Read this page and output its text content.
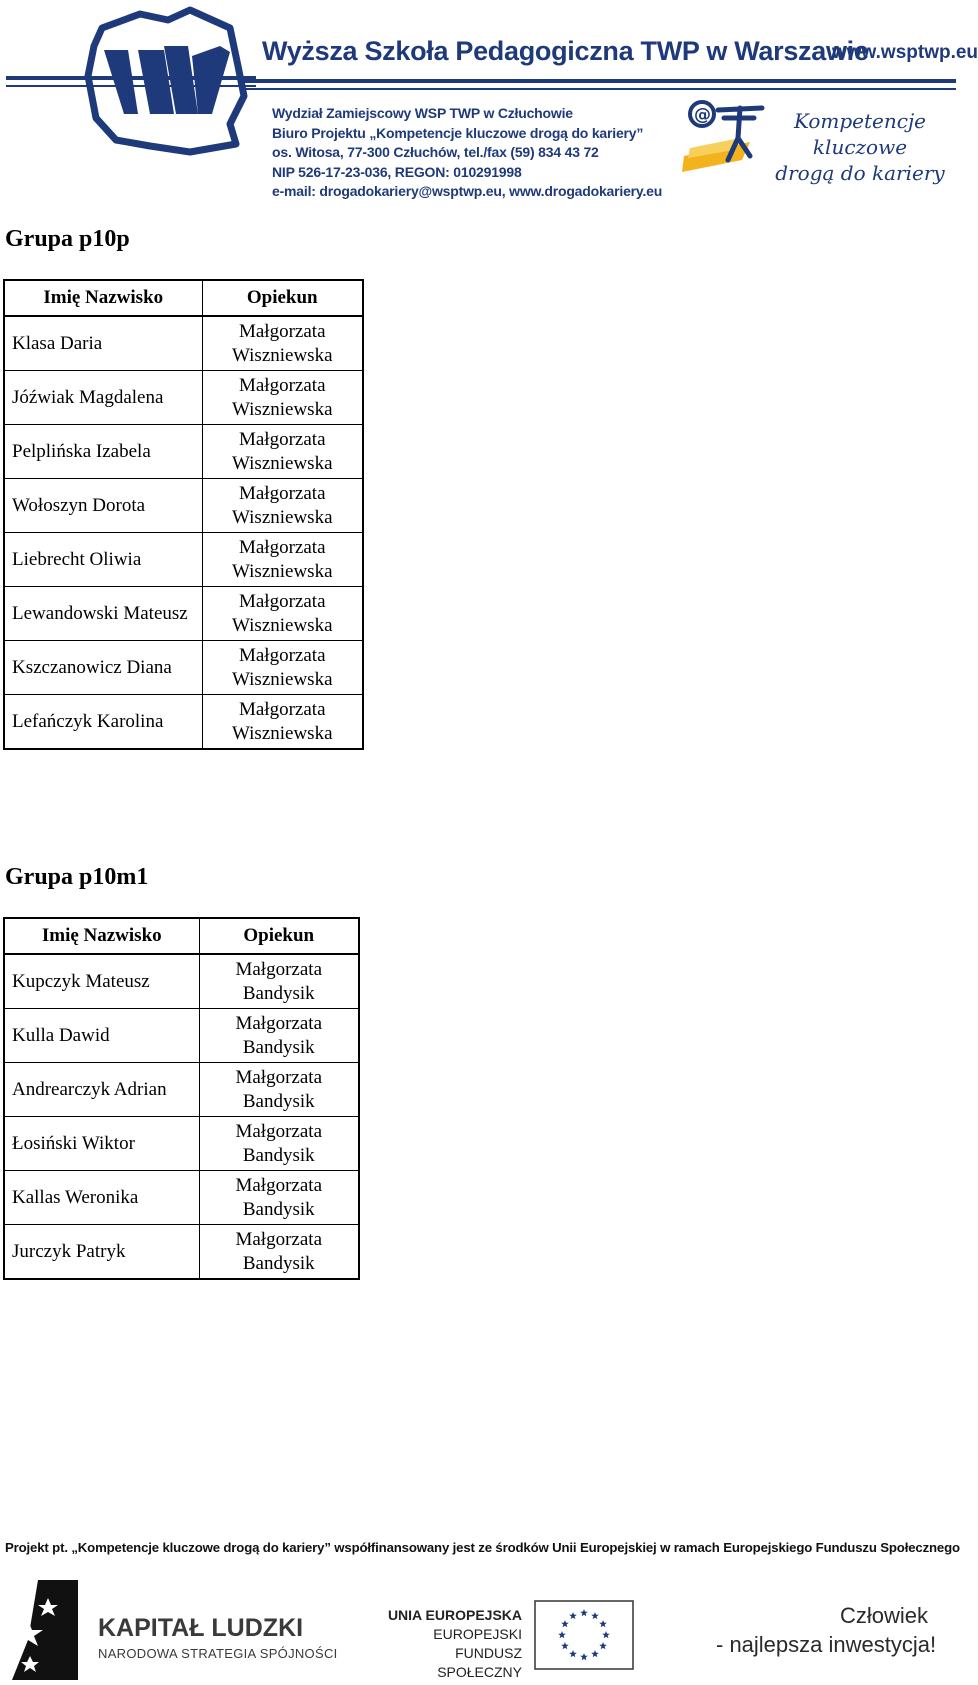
Wyższa Szkoła Pedagogiczna TWP w Warszawie
www.wsptwp.eu
Wydział Zamiejscowy WSP TWP w Człuchowie
Biuro Projektu „Kompetencje kluczowe drogą do kariery”
os. Witosa, 77-300 Człuchów, tel./fax (59) 834 43 72
NIP 526-17-23-036, REGON: 010291998
e-mail: drogadokariery@wsptwp.eu, www.drogadokariery.eu
@	Kompetencje kluczowe
drogą do kariery
Grupa p10p
Imię Nazwisko	Opiekun
Klasa Daria	Małgorzata
Wiszniewska

Jóźwiak Magdalena	Małgorzata
Wiszniewska

Pelplińska Izabela	Małgorzata
Wiszniewska

Wołoszyn Dorota	Małgorzata
Wiszniewska

Liebrecht Oliwia	Małgorzata
Wiszniewska

Lewandowski Mateusz	Małgorzata
Wiszniewska

Kszczanowicz Diana	Małgorzata
Wiszniewska

Lefańczyk Karolina	Małgorzata
Wiszniewska
Grupa p10m1
Imię Nazwisko	Opiekun
Kupczyk Mateusz	Małgorzata
Bandysik

Kulla Dawid	Małgorzata
Bandysik

Andrearczyk Adrian	Małgorzata
Bandysik

Łosiński Wiktor	Małgorzata
Bandysik

Kallas Weronika	Małgorzata
Bandysik

Jurczyk Patryk	Małgorzata
Bandysik
Projekt pt. „Kompetencje kluczowe drogą do kariery” współfinansowany jest ze środków Unii Europejskiej w ramach Europejskiego Funduszu Społecznego
KAPITAŁ LUDZKI
NARODOWA STRATEGIA SPÓJNOŚCI
UNIA EUROPEJSKA
EUROPEJSKI
FUNDUSZ SPOŁECZNY
Człowiek
- najlepsza inwestycja!
